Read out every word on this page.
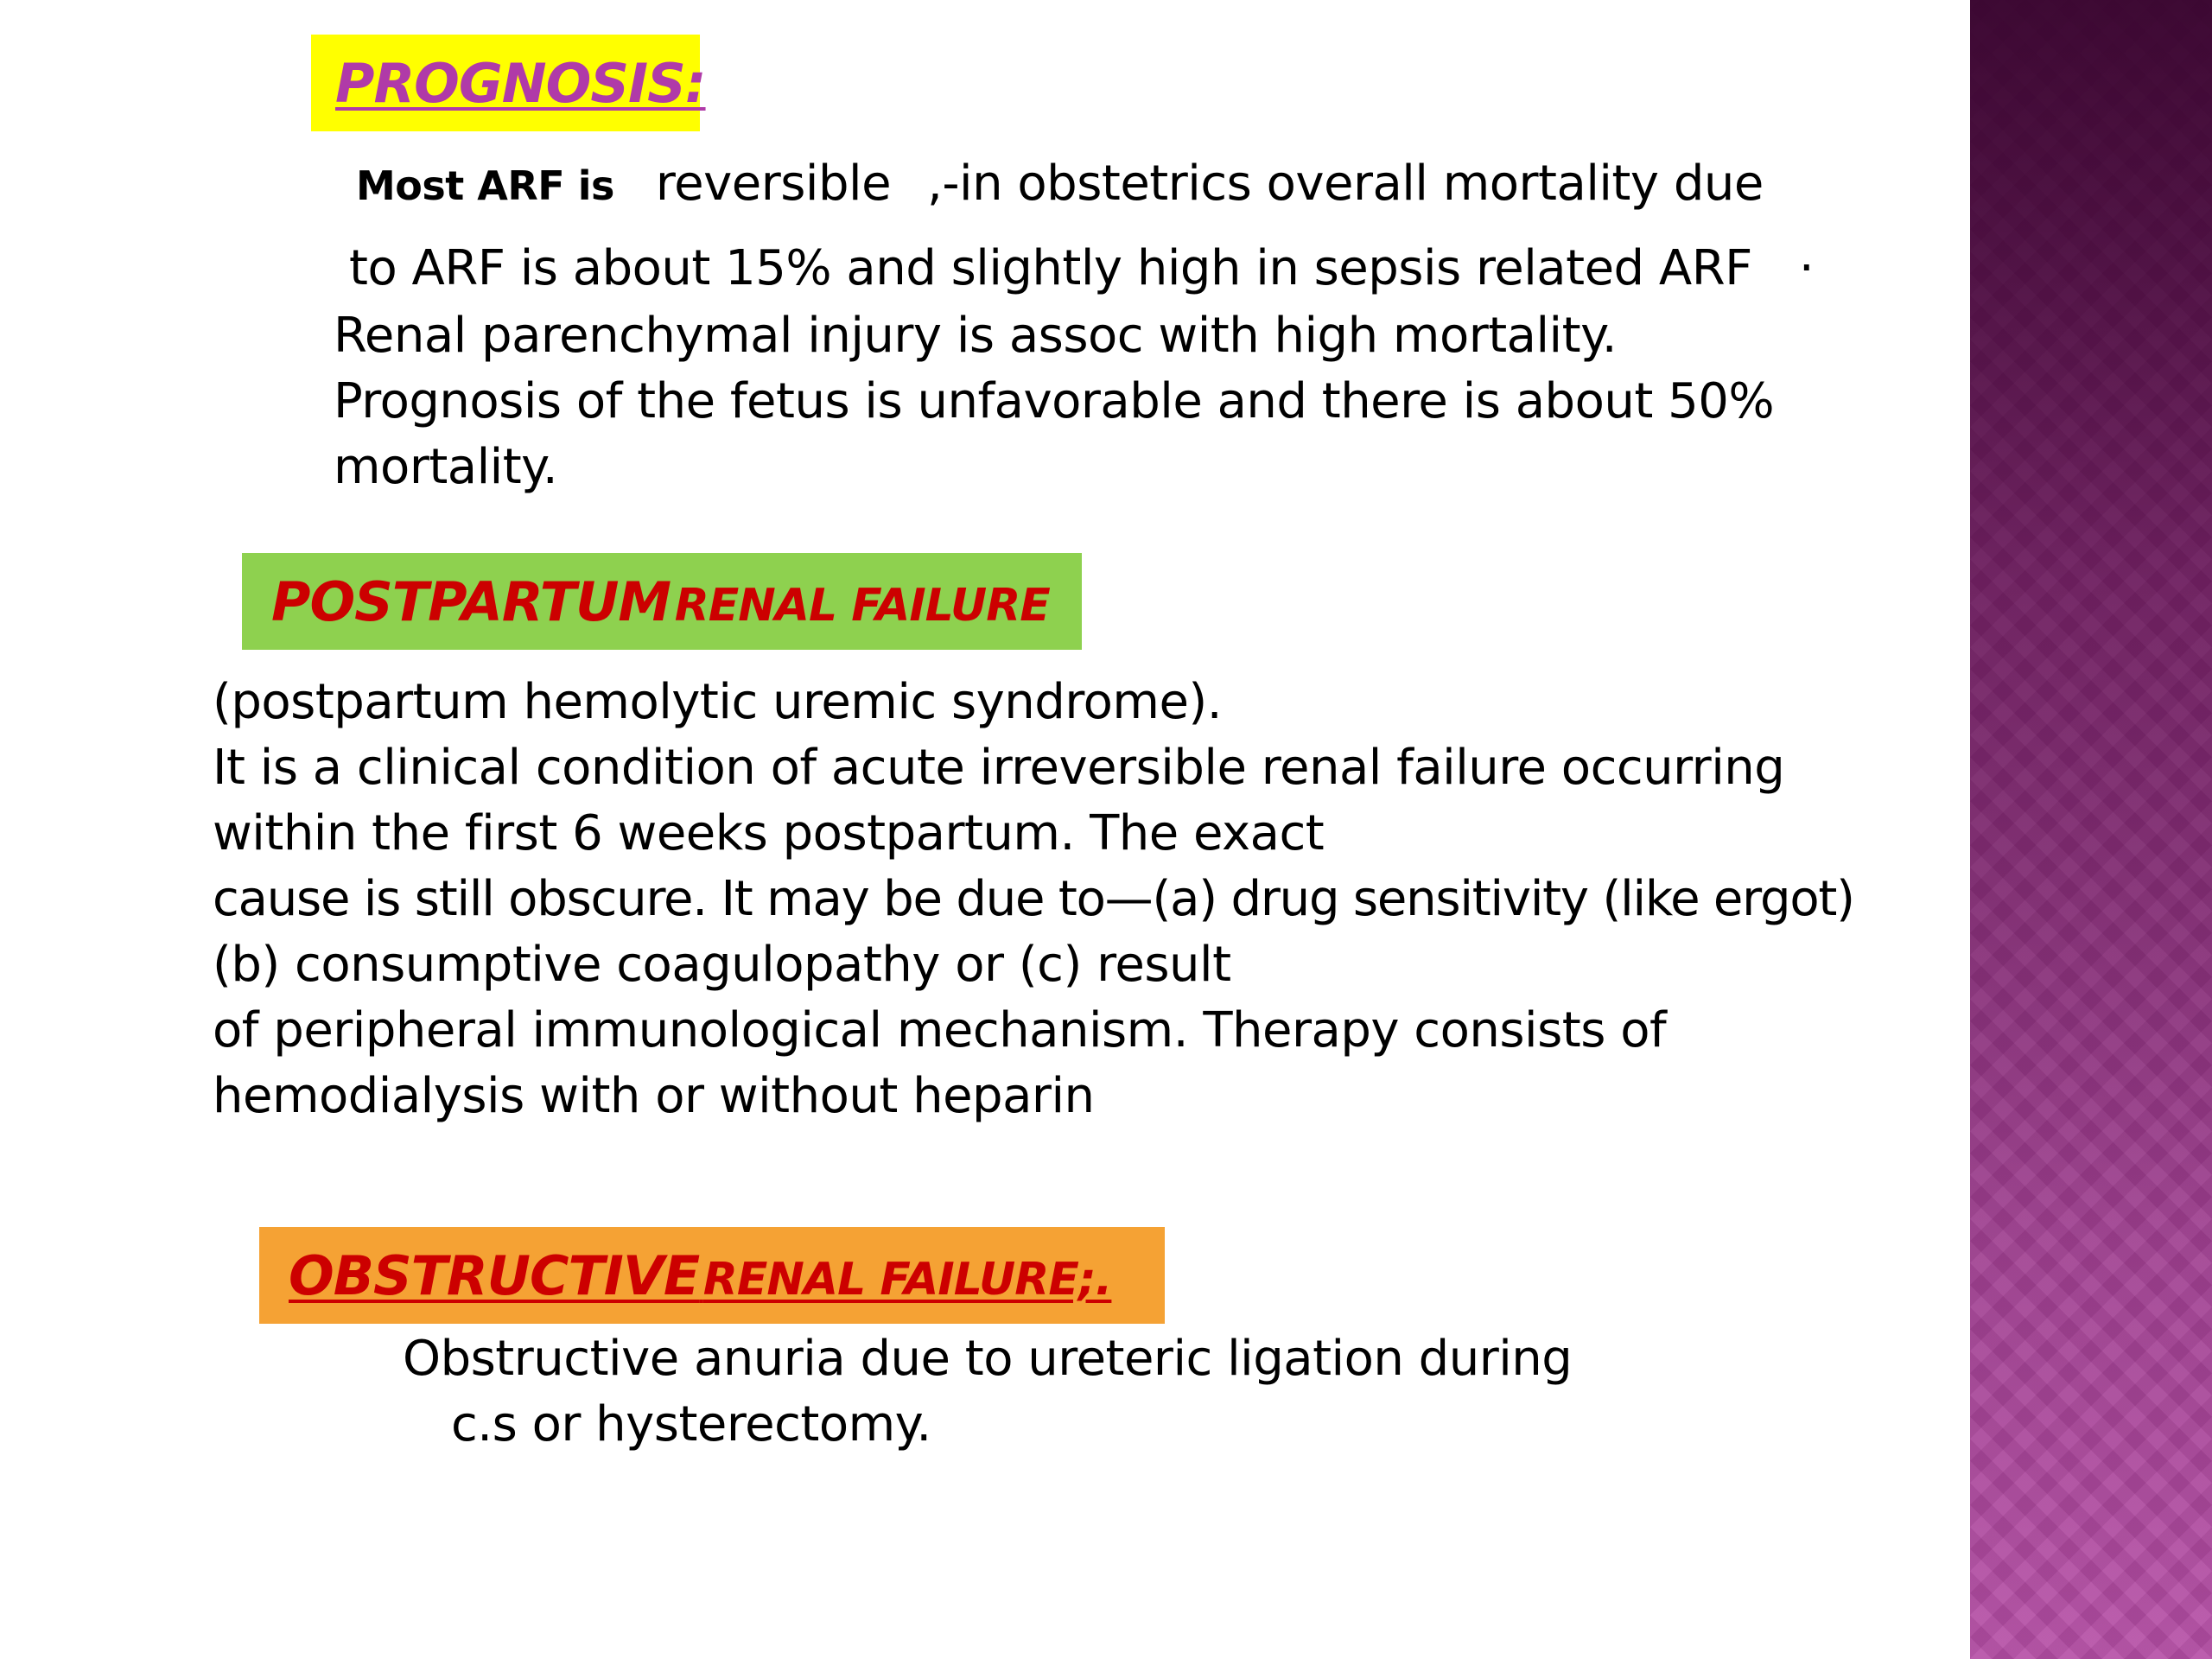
PROGNOSIS:
Most ARF is reversible ,-in obstetrics overall mortality due
to ARF is about 15% and slightly high in sepsis related ARF ·
Renal parenchymal injury is assoc with high mortality.
Prognosis of the fetus is unfavorable and there is about 50%
mortality.
POSTPARTUM RENAL FAILURE
(postpartum hemolytic uremic syndrome).
It is a clinical condition of acute irreversible renal failure occurring
within the first 6 weeks postpartum. The exact
cause is still obscure. It may be due to—(a) drug sensitivity (like ergot)
(b) consumptive coagulopathy or (c) result
of peripheral immunological mechanism. Therapy consists of
hemodialysis with or without heparin
OBSTRUCTIVE RENAL FAILURE;.
Obstructive anuria due to ureteric ligation during
c.s or hysterectomy.
